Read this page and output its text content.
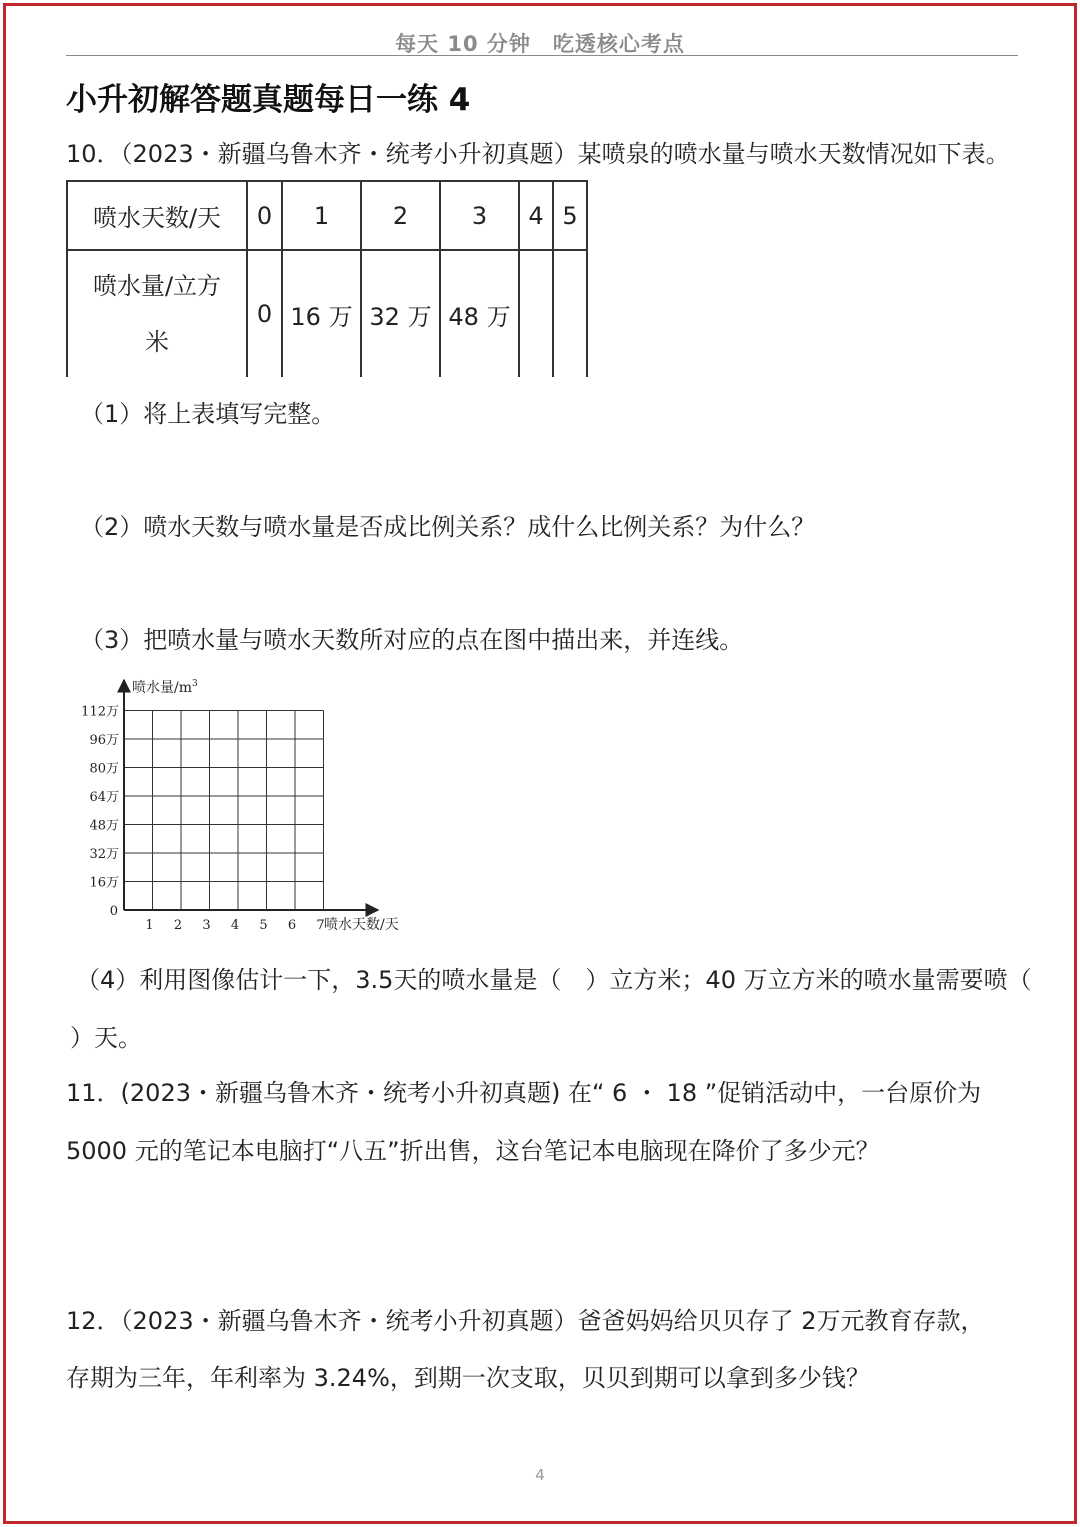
每天 10 分钟　吃透核心考点
小升初解答题真题每日一练 4
10．（2023・新疆乌鲁木齐・统考小升初真题）某喷泉的喷水量与喷水天数情况如下表。
喷水天数/天	0	1	2	3	4	5
喷水量/立方
米	0	16 万	32 万	48 万		
（1）将上表填写完整。
（2）喷水天数与喷水量是否成比例关系？成什么比例关系？为什么？
（3）把喷水量与喷水天数所对应的点在图中描出来，并连线。
喷水量$/m^3$
喷水天数/天
0
16万
32万
48万
64万
80万
96万
112万
1 2 3 4 5 6 7
（4）利用图像估计一下，3.5天的喷水量是（　）立方米；40 万立方米的喷水量需要喷（
）天。
11．(2023・新疆乌鲁木齐・统考小升初真题) 在“ 6 ・ 18 ”促销活动中，一台原价为
5000 元的笔记本电脑打“八五”折出售，这台笔记本电脑现在降价了多少元？
12．（2023・新疆乌鲁木齐・统考小升初真题）爸爸妈妈给贝贝存了 2万元教育存款，
存期为三年，年利率为 3.24%，到期一次支取，贝贝到期可以拿到多少钱？
4
